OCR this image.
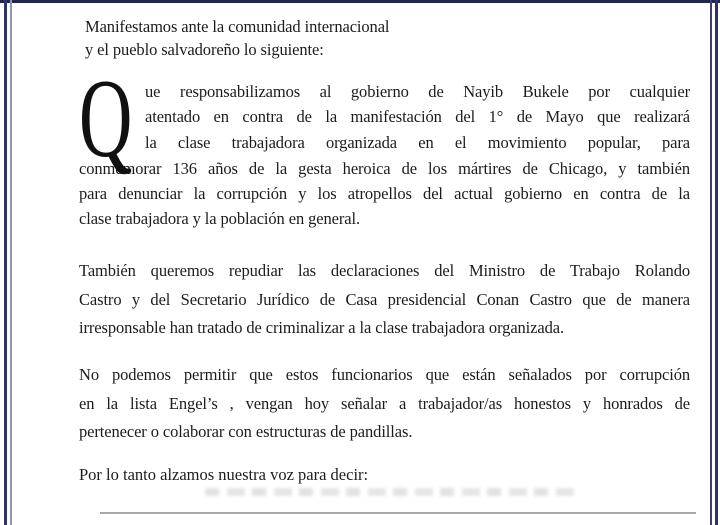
Manifestamos ante la comunidad internacional
y el pueblo salvadoreño lo siguiente:
Q ue responsabilizamos al gobierno de Nayib Bukele por cualquier
atentado en contra de la manifestación del 1° de Mayo que realizará
la clase trabajadora organizada en el movimiento popular, para
conmemorar 136 años de la gesta heroica de los mártires de Chicago, y también
para denunciar la corrupción y los atropellos del actual gobierno en contra de la
clase trabajadora y la población en general.
También queremos repudiar las declaraciones del Ministro de Trabajo Rolando
Castro y del Secretario Jurídico de Casa presidencial Conan Castro que de manera
irresponsable han tratado de criminalizar a la clase trabajadora organizada.
No podemos permitir que estos funcionarios que están señalados por corrupción
en la lista Engel’s , vengan hoy señalar a trabajador/as honestos y honrados de
pertenecer o colaborar con estructuras de pandillas.
Por lo tanto alzamos nuestra voz para decir:
